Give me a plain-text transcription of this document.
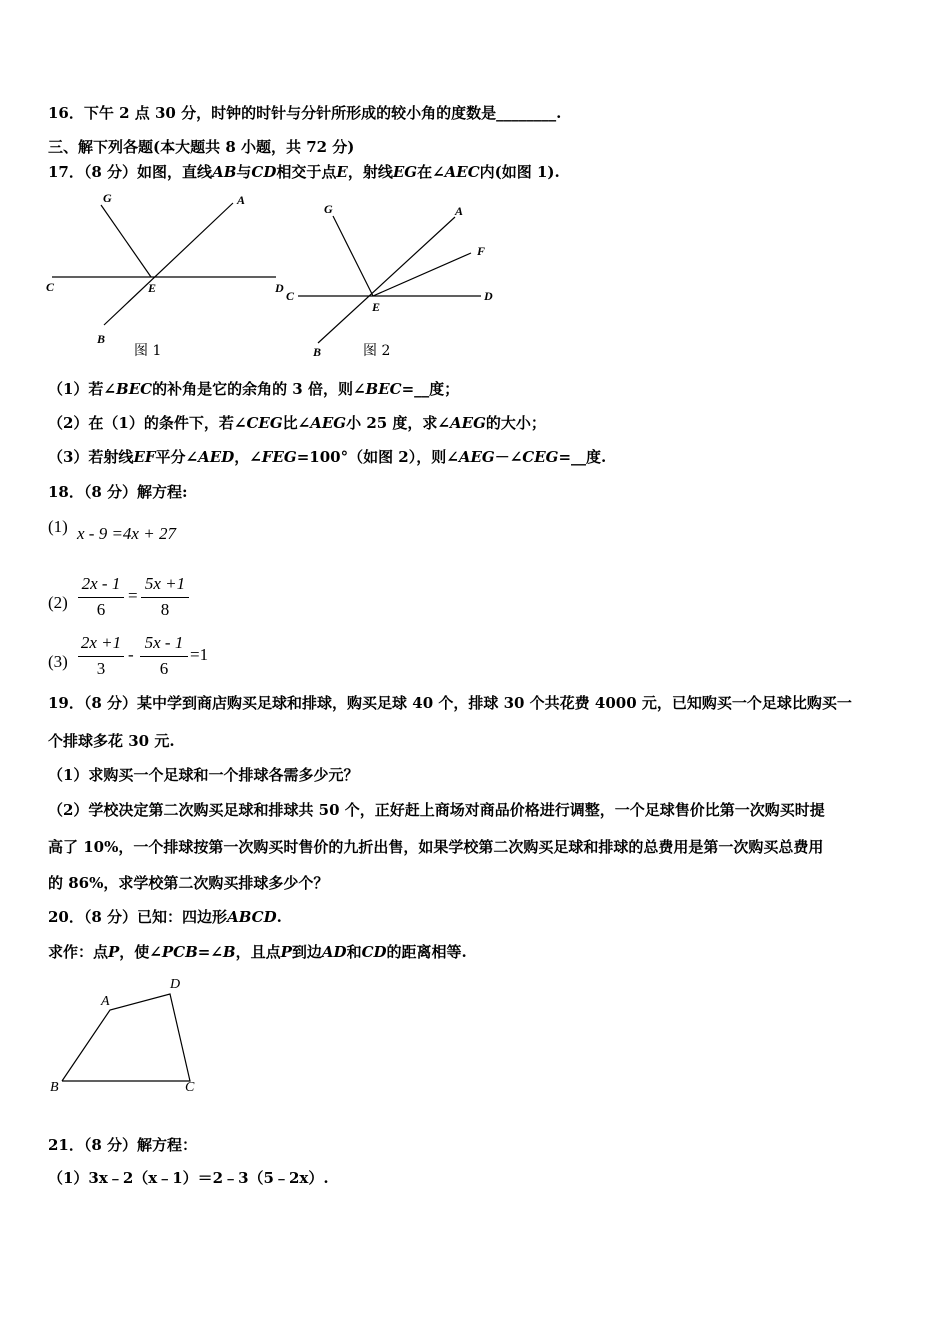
16．下午 2 点 30 分，时钟的时针与分针所形成的较小角的度数是________.
三、解下列各题(本大题共 8 小题，共 72 分)
17．（8 分）如图，直线AB与CD相交于点E，射线EG在∠AEC内(如图 1).
G	A
C	E	D
B
图 1
G	A
F
C
E
D
B	图 2
（1）若∠BEC的补角是它的余角的 3 倍，则∠BEC=__度；
（2）在（1）的条件下，若∠CEG比∠AEG小 25 度，求∠AEG的大小；
（3）若射线EF平分∠AED，∠FEG=100°（如图 2），则∠AEG－∠CEG=__度.
18．（8 分）解方程:
(1) x - 9 =4x + 27
(2)
2x - 1
6
=
5x +1
8
(3)
2x +1
3
-
5x - 1
6
=1
19．（8 分）某中学到商店购买足球和排球，购买足球 40 个，排球 30 个共花费 4000 元，已知购买一个足球比购买一
个排球多花 30 元.
（1）求购买一个足球和一个排球各需多少元？
（2）学校决定第二次购买足球和排球共 50 个，正好赶上商场对商品价格进行调整，一个足球售价比第一次购买时提
高了 10%，一个排球按第一次购买时售价的九折出售，如果学校第二次购买足球和排球的总费用是第一次购买总费用
的 86%，求学校第二次购买排球多少个？
20．（8 分）已知：四边形ABCD.
求作：点P，使∠PCB=∠B，且点P到边AD和CD的距离相等.
A
D
B	C
21．（8 分）解方程：
（1）3x﹣2（x﹣1）＝2﹣3（5﹣2x）.
